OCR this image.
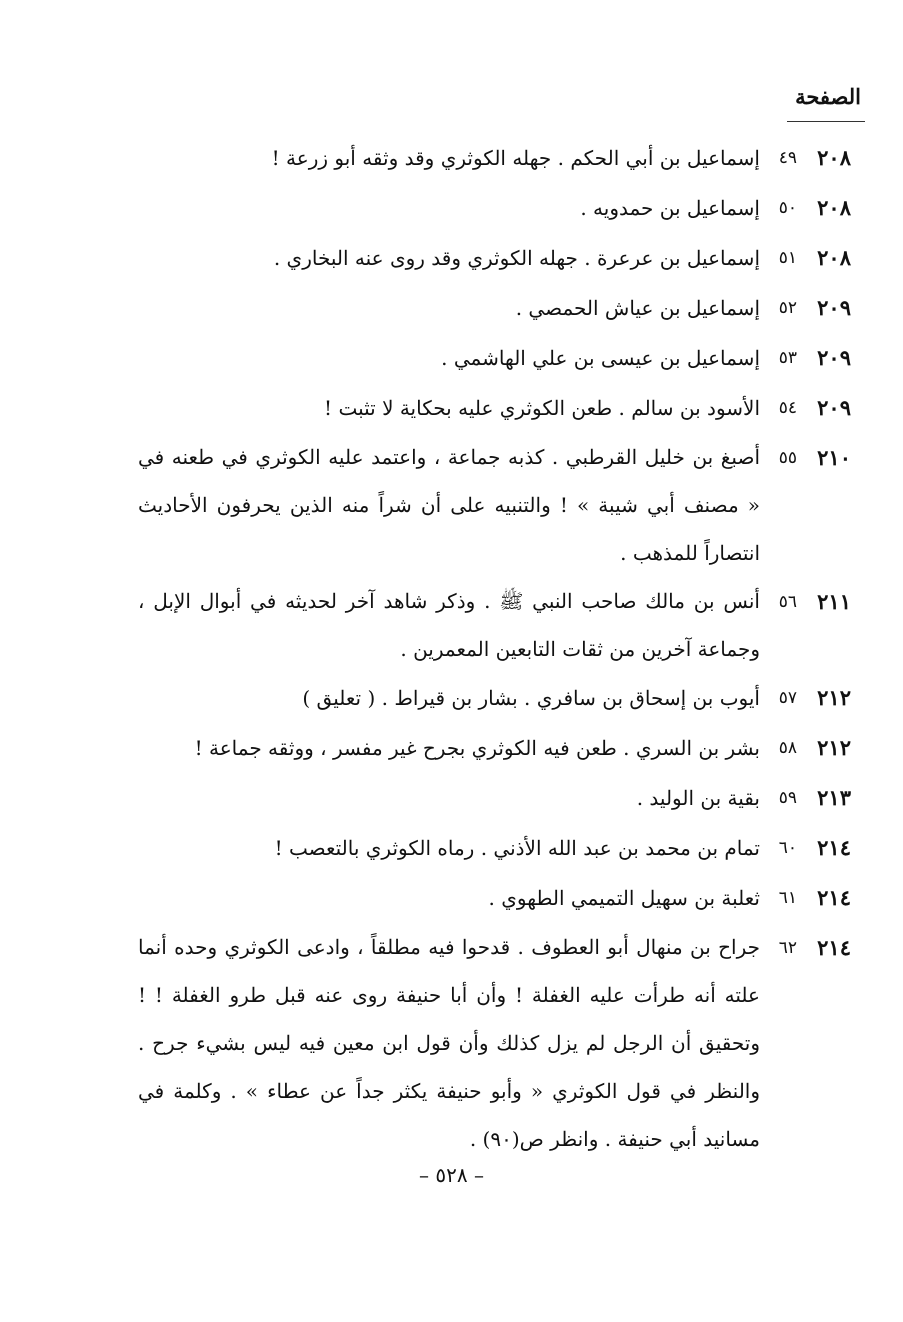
الصفحة
٢٠٨
٤٩
إسماعيل بن أبي الحكم . جهله الكوثري وقد وثقه أبو زرعة !
٢٠٨
٥٠
إسماعيل بن حمدويه .
٢٠٨
٥١
إسماعيل بن عرعرة . جهله الكوثري وقد روى عنه البخاري .
٢٠٩
٥٢
إسماعيل بن عياش الحمصي .
٢٠٩
٥٣
إسماعيل بن عيسى بن علي الهاشمي .
٢٠٩
٥٤
الأسود بن سالم . طعن الكوثري عليه بحكاية لا تثبت !
٢١٠
٥٥
أصبغ بن خليل القرطبي . كذبه جماعة ، واعتمد عليه الكوثري في طعنه في « مصنف أبي شيبة » ! والتنبيه على أن شراً منه الذين يحرفون الأحاديث انتصاراً للمذهب .
٢١١
٥٦
أنس بن مالك صاحب النبي ﷺ . وذكر شاهد آخر لحديثه في أبوال الإبل ، وجماعة آخرين من ثقات التابعين المعمرين .
٢١٢
٥٧
أيوب بن إسحاق بن سافري . بشار بن قيراط . ( تعليق )
٢١٢
٥٨
بشر بن السري . طعن فيه الكوثري بجرح غير مفسر ، ووثقه جماعة !
٢١٣
٥٩
بقية بن الوليد .
٢١٤
٦٠
تمام بن محمد بن عبد الله الأذني . رماه الكوثري بالتعصب !
٢١٤
٦١
ثعلبة بن سهيل التميمي الطهوي .
٢١٤
٦٢
جراح بن منهال أبو العطوف . قدحوا فيه مطلقاً ، وادعى الكوثري وحده أنما علته أنه طرأت عليه الغفلة ! وأن أبا حنيفة روى عنه قبل طرو الغفلة ! ! وتحقيق أن الرجل لم يزل كذلك وأن قول ابن معين فيه ليس بشيء جرح . والنظر في قول الكوثري « وأبو حنيفة يكثر جداً عن عطاء » . وكلمة في مسانيد أبي حنيفة . وانظر ص(٩٠) .
– ٥٢٨ –
